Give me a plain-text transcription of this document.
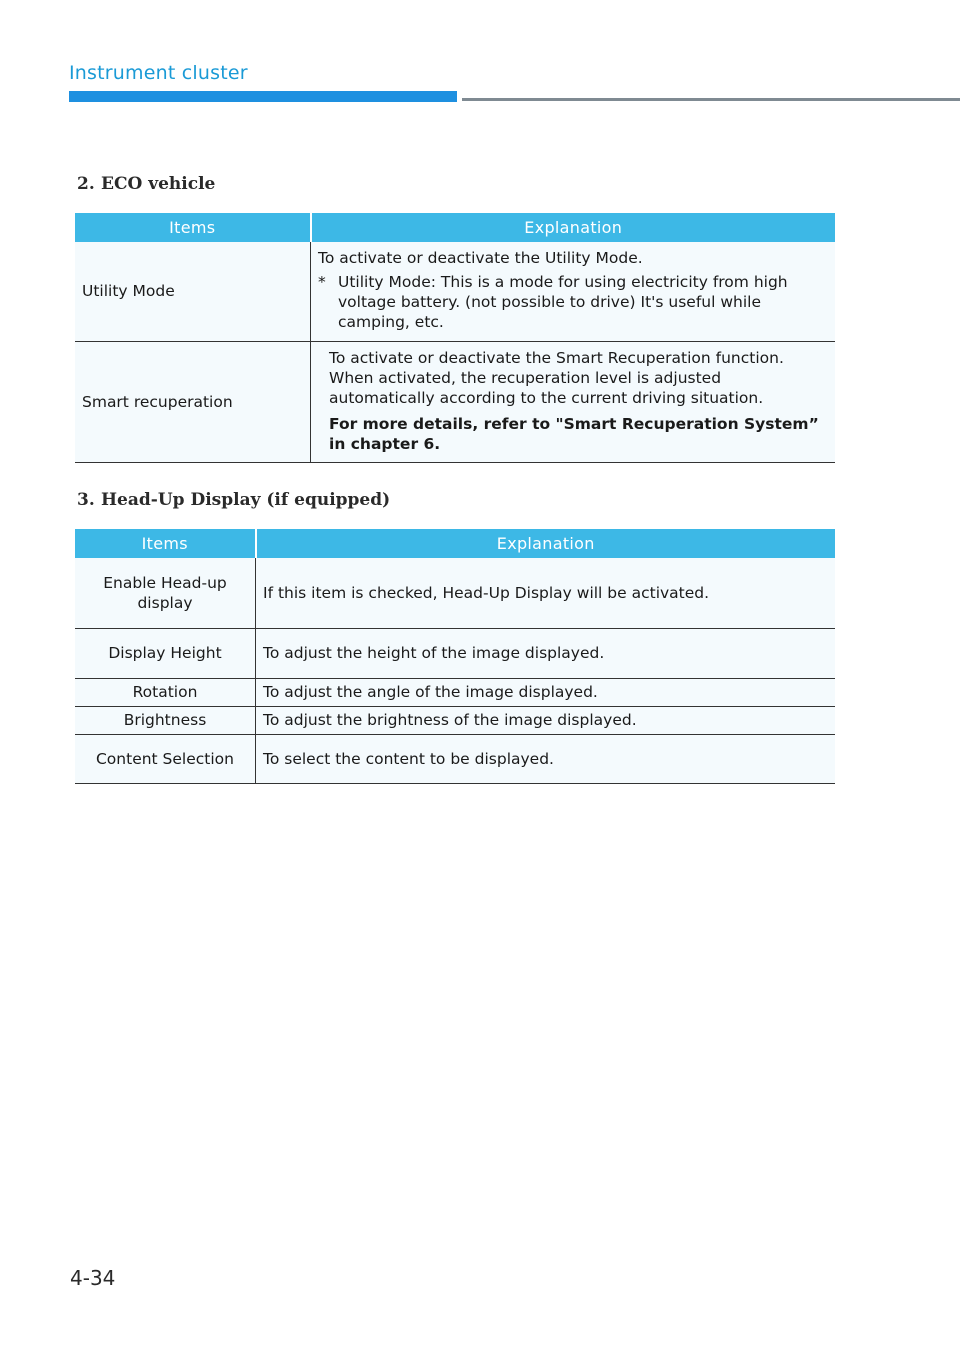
Instrument cluster
2. ECO vehicle
Items	Explanation
Utility Mode	To activate or deactivate the Utility Mode.

* Utility Mode: This is a mode for using electricity from high voltage battery. (not possible to drive) It's useful while camping, etc.

Smart recuperation	To activate or deactivate the Smart Recuperation function. When activated, the recuperation level is adjusted automatically according to the current driving situation.

For more details, refer to "Smart Recuperation System” in chapter 6.

3. Head-Up Display (if equipped)
Items	Explanation
Enable Head-up display	If this item is checked, Head-Up Display will be activated.
Display Height	To adjust the height of the image displayed.
Rotation	To adjust the angle of the image displayed.
Brightness	To adjust the brightness of the image displayed.
Content Selection	To select the content to be displayed.
4-34
